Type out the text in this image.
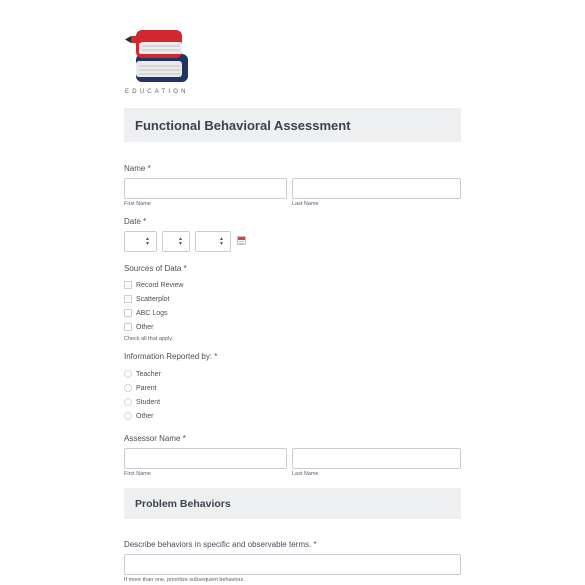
EDUCATION
Functional Behavioral Assessment
Name *
First Name	Last Name
Date *
▲
▼
▲
▼
▲
▼
Sources of Data *
Record Review
Scatterplot
ABC Logs
Other
Check all that apply.
Information Reported by: *
Teacher
Parent
Student
Other
Assessor Name *
First Name	Last Name
Problem Behaviors
Describe behaviors in specific and observable terms. *
If more than one, prioritize subsequent behaviors.
